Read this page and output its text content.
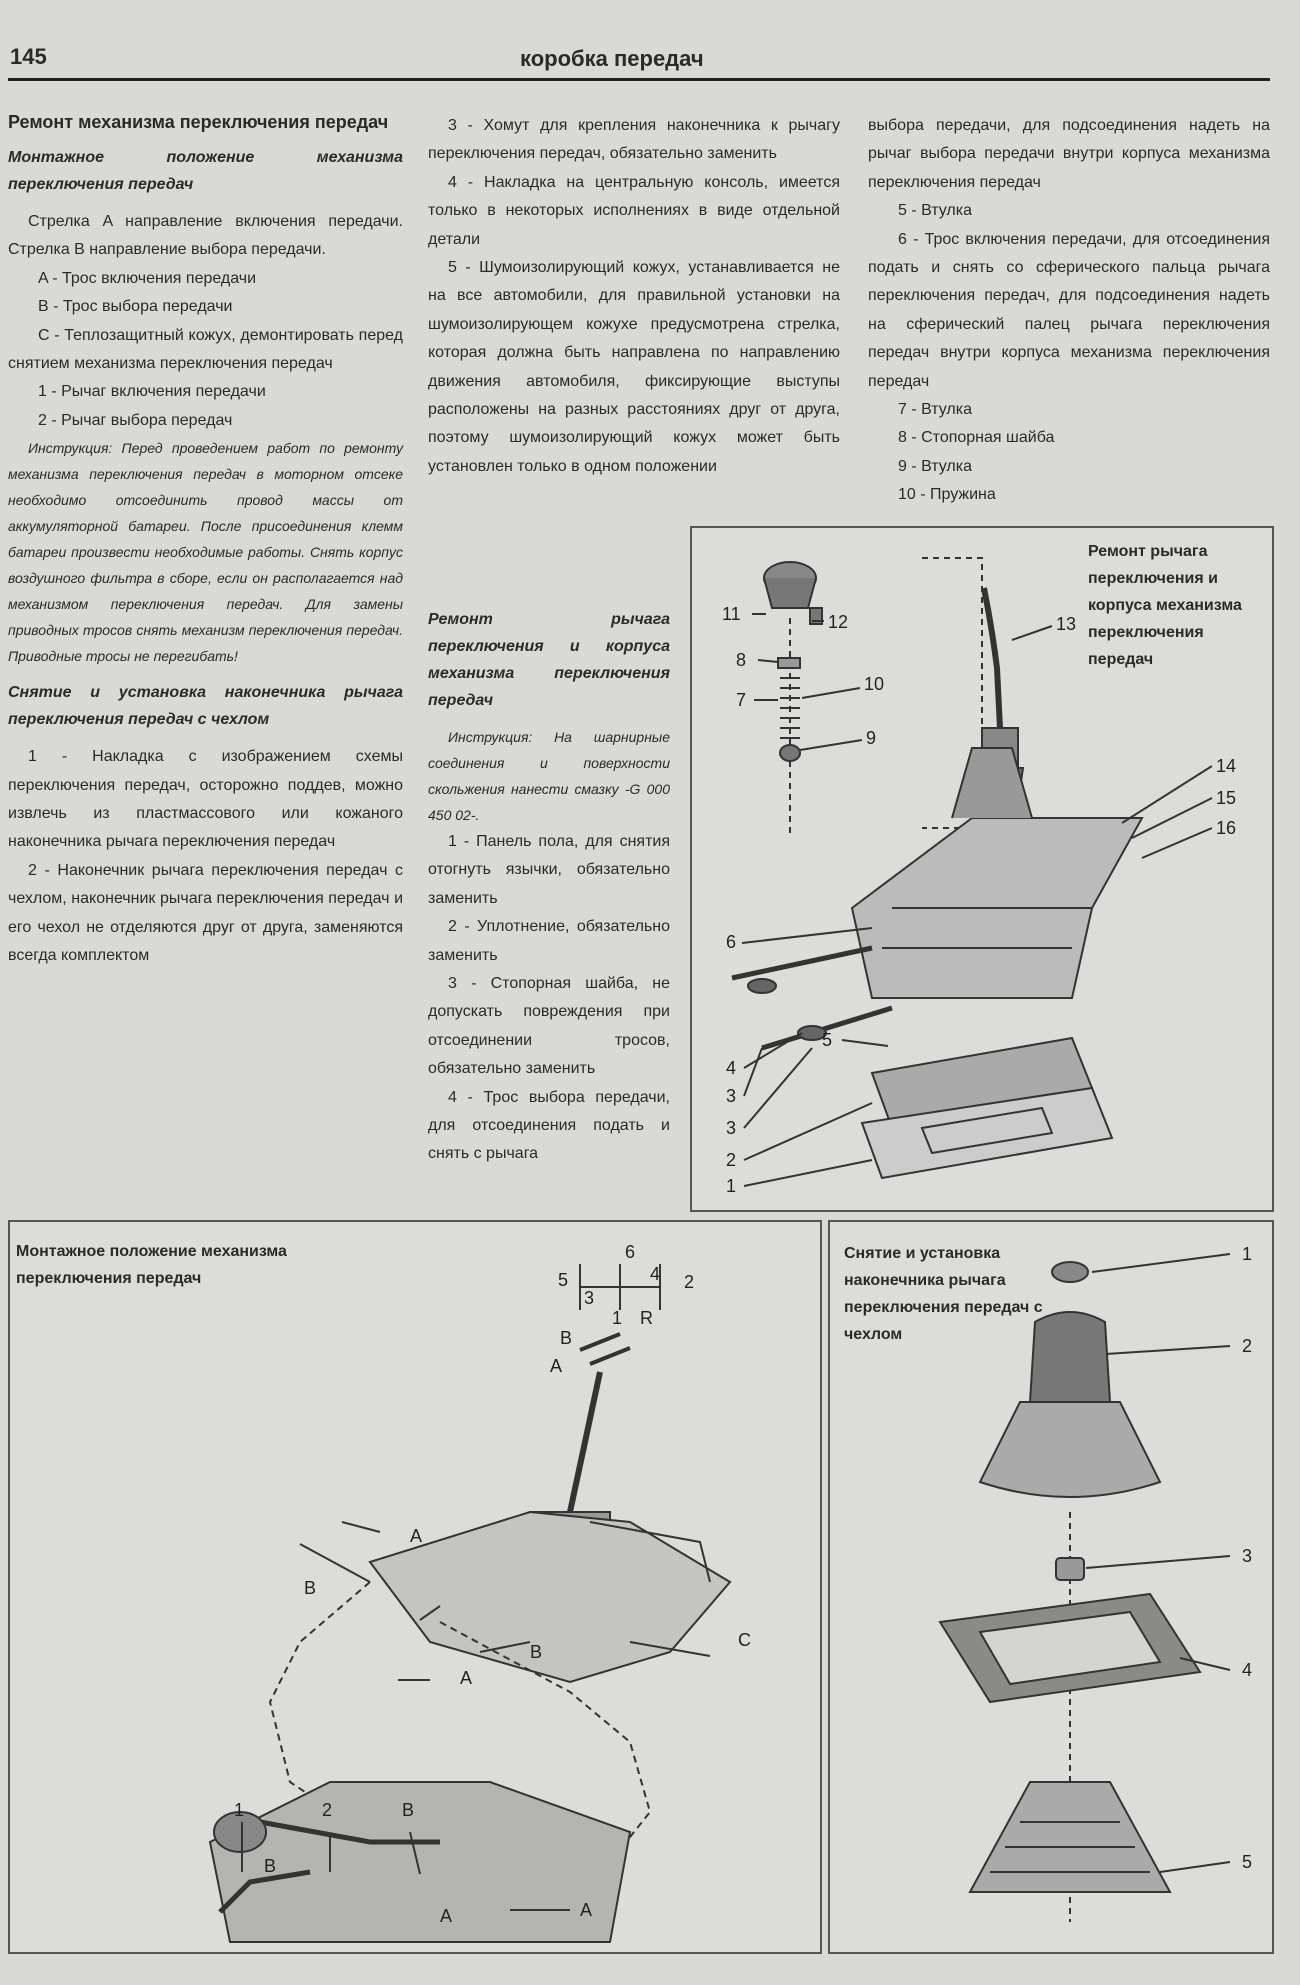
145	коробка передач

Ремонт механизма переключения передач

Монтажное положение механизма переключения передач

Стрелка A направление включения передачи. Стрелка B направление выбора передачи.

A - Трос включения передачи

B - Трос выбора передачи

C - Теплозащитный кожух, демонтировать перед снятием механизма переключения передач

1 - Рычаг включения передачи

2 - Рычаг выбора передач

Инструкция: Перед проведением работ по ремонту механизма переключения передач в моторном отсеке необходимо отсоединить провод массы от аккумуляторной батареи. После присоединения клемм батареи произвести необходимые работы. Снять корпус воздушного фильтра в сборе, если он располагается над механизмом переключения передач. Для замены приводных тросов снять механизм переключения передач. Приводные тросы не перегибать!

Снятие и установка наконечника рычага переключения передач с чехлом

1 - Накладка с изображением схемы переключения передач, осторожно поддев, можно извлечь из пластмассового или кожаного наконечника рычага переключения передач

2 - Наконечник рычага переключения передач с чехлом, наконечник рычага переключения передач и его чехол не отделяются друг от друга, заменяются всегда комплектом

3 - Хомут для крепления наконечника к рычагу переключения передач, обязательно заменить

4 - Накладка на центральную консоль, имеется только в некоторых исполнениях в виде отдельной детали

5 - Шумоизолирующий кожух, устанавливается не на все автомобили, для правильной установки на шумоизолирующем кожухе предусмотрена стрелка, которая должна быть направлена по направлению движения автомобиля, фиксирующие выступы расположены на разных расстояниях друг от друга, поэтому шумоизолирующий кожух может быть установлен только в одном положении

Ремонт рычага переключения и корпуса механизма переключения передач

Инструкция: На шарнирные соединения и поверхности скольжения нанести смазку -G 000 450 02-.

1 - Панель пола, для снятия отогнуть язычки, обязательно заменить

2 - Уплотнение, обязательно заменить

3 - Стопорная шайба, не допускать повреждения при отсоединении тросов, обязательно заменить

4 - Трос выбора передачи, для отсоединения подать и снять с рычага

выбора передачи, для подсоединения надеть на рычаг выбора передачи внутри корпуса механизма переключения передач

5 - Втулка

6 - Трос включения передачи, для отсоединения подать и снять со сферического пальца рычага переключения передач, для подсоединения надеть на сферический палец рычага переключения передач внутри корпуса механизма переключения передач

7 - Втулка

8 - Стопорная шайба

9 - Втулка

10 - Пружина

Ремонт рычага переключения и корпуса механизма переключения передач
11	12
8
10
7
9
13
14
15
16
6
5
4
3
3
2
1
Монтажное положение механизма переключения передач
6
4 2
5
3
1 R
B
A
A
B
B
C
A
1	2	B
B
A	A
Снятие и установка наконечника рычага переключения передач с чехлом
1
2
3
4
5
